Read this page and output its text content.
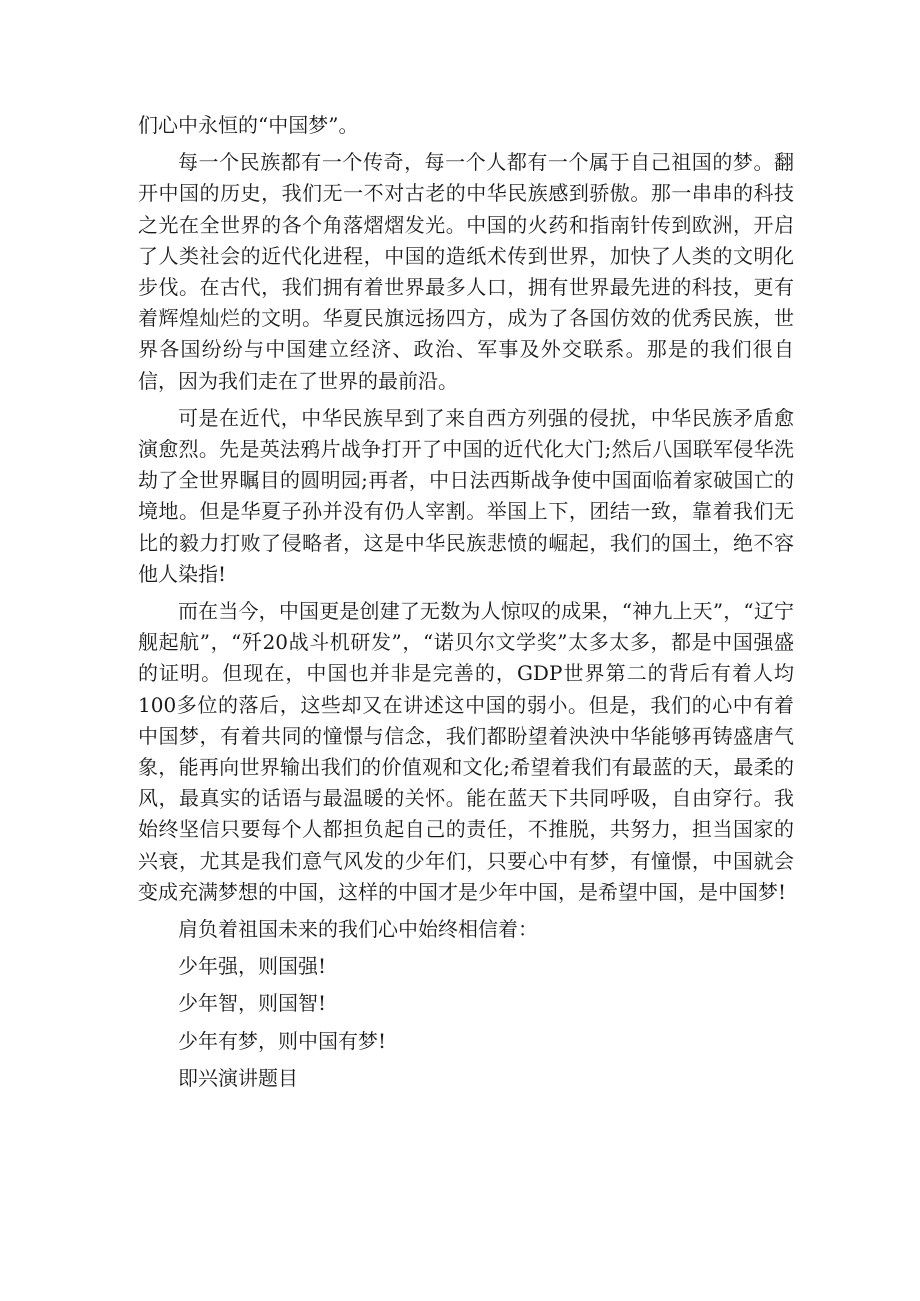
们心中永恒的“中国梦”。

每一个民族都有一个传奇，每一个人都有一个属于自己祖国的梦。翻开中国的历史，我们无一不对古老的中华民族感到骄傲。那一串串的科技之光在全世界的各个角落熠熠发光。中国的火药和指南针传到欧洲，开启了人类社会的近代化进程，中国的造纸术传到世界，加快了人类的文明化步伐。在古代，我们拥有着世界最多人口，拥有世界最先进的科技，更有着辉煌灿烂的文明。华夏民旗远扬四方，成为了各国仿效的优秀民族，世界各国纷纷与中国建立经济、政治、军事及外交联系。那是的我们很自信，因为我们走在了世界的最前沿。

可是在近代，中华民族早到了来自西方列强的侵扰，中华民族矛盾愈演愈烈。先是英法鸦片战争打开了中国的近代化大门;然后八国联军侵华洗劫了全世界瞩目的圆明园;再者，中日法西斯战争使中国面临着家破国亡的境地。但是华夏子孙并没有仍人宰割。举国上下，团结一致，靠着我们无比的毅力打败了侵略者，这是中华民族悲愤的崛起，我们的国土，绝不容他人染指!

而在当今，中国更是创建了无数为人惊叹的成果，“神九上天”，“辽宁舰起航”，“歼20战斗机研发”，“诺贝尔文学奖”太多太多，都是中国强盛的证明。但现在，中国也并非是完善的，GDP世界第二的背后有着人均100多位的落后，这些却又在讲述这中国的弱小。但是，我们的心中有着中国梦，有着共同的憧憬与信念，我们都盼望着泱泱中华能够再铸盛唐气象，能再向世界输出我们的价值观和文化;希望着我们有最蓝的天，最柔的风，最真实的话语与最温暖的关怀。能在蓝天下共同呼吸，自由穿行。我始终坚信只要每个人都担负起自己的责任，不推脱，共努力，担当国家的兴衰，尤其是我们意气风发的少年们，只要心中有梦，有憧憬，中国就会变成充满梦想的中国，这样的中国才是少年中国，是希望中国，是中国梦!

肩负着祖国未来的我们心中始终相信着：

少年强，则国强!

少年智，则国智!

少年有梦，则中国有梦!

即兴演讲题目
